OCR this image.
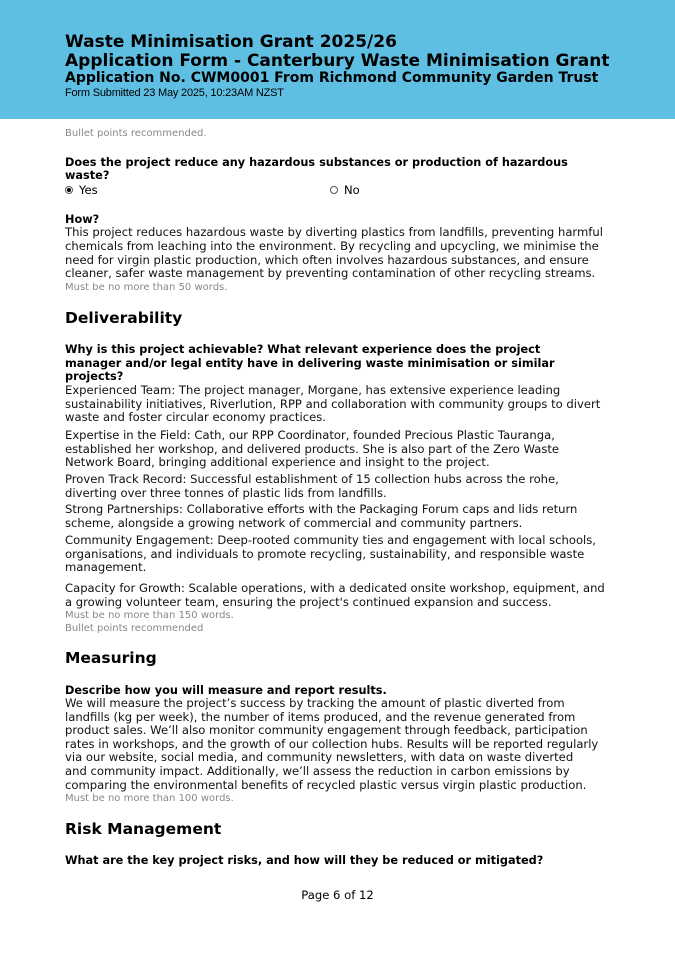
Waste Minimisation Grant 2025/26
Application Form - Canterbury Waste Minimisation Grant
Application No. CWM0001 From Richmond Community Garden Trust
Form Submitted 23 May 2025, 10:23AM NZST
Bullet points recommended.
Does the project reduce any hazardous substances or production of hazardous
waste?
Yes	No
How?
This project reduces hazardous waste by diverting plastics from landfills, preventing harmful
chemicals from leaching into the environment. By recycling and upcycling, we minimise the
need for virgin plastic production, which often involves hazardous substances, and ensure
cleaner, safer waste management by preventing contamination of other recycling streams.
Must be no more than 50 words.
Deliverability
Why is this project achievable? What relevant experience does the project
manager and/or legal entity have in delivering waste minimisation or similar
projects?
Experienced Team: The project manager, Morgane, has extensive experience leading
sustainability initiatives, Riverlution, RPP and collaboration with community groups to divert
waste and foster circular economy practices.
Expertise in the Field: Cath, our RPP Coordinator, founded Precious Plastic Tauranga,
established her workshop, and delivered products. She is also part of the Zero Waste
Network Board, bringing additional experience and insight to the project.
Proven Track Record: Successful establishment of 15 collection hubs across the rohe,
diverting over three tonnes of plastic lids from landfills.
Strong Partnerships: Collaborative efforts with the Packaging Forum caps and lids return
scheme, alongside a growing network of commercial and community partners.
Community Engagement: Deep-rooted community ties and engagement with local schools,
organisations, and individuals to promote recycling, sustainability, and responsible waste
management.
Capacity for Growth: Scalable operations, with a dedicated onsite workshop, equipment, and
a growing volunteer team, ensuring the project's continued expansion and success.
Must be no more than 150 words.
Bullet points recommended
Measuring
Describe how you will measure and report results.
We will measure the project’s success by tracking the amount of plastic diverted from
landfills (kg per week), the number of items produced, and the revenue generated from
product sales. We’ll also monitor community engagement through feedback, participation
rates in workshops, and the growth of our collection hubs. Results will be reported regularly
via our website, social media, and community newsletters, with data on waste diverted
and community impact. Additionally, we’ll assess the reduction in carbon emissions by
comparing the environmental benefits of recycled plastic versus virgin plastic production.
Must be no more than 100 words.
Risk Management
What are the key project risks, and how will they be reduced or mitigated?
Page 6 of 12
